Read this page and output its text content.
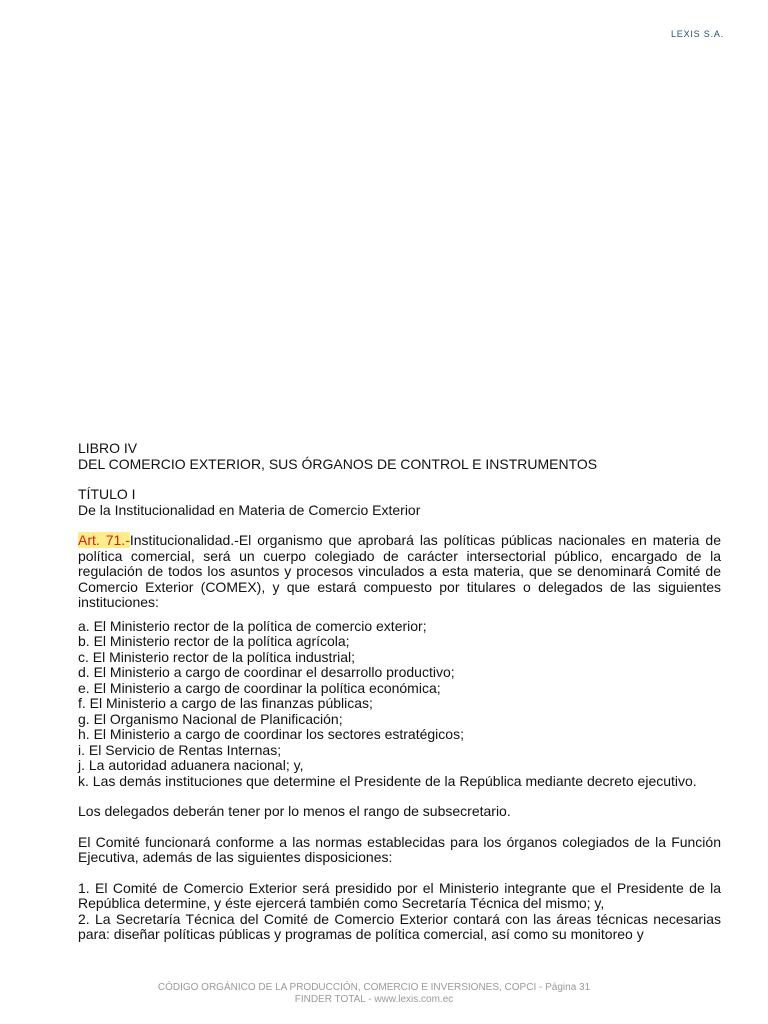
LEXIS S.A.
LIBRO IV
DEL COMERCIO EXTERIOR, SUS ÓRGANOS DE CONTROL E INSTRUMENTOS
TÍTULO I
De la Institucionalidad en Materia de Comercio Exterior
Art. 71.-Institucionalidad.-El organismo que aprobará las políticas públicas nacionales en materia de política comercial, será un cuerpo colegiado de carácter intersectorial público, encargado de la regulación de todos los asuntos y procesos vinculados a esta materia, que se denominará Comité de Comercio Exterior (COMEX), y que estará compuesto por titulares o delegados de las siguientes instituciones:
a. El Ministerio rector de la política de comercio exterior;
b. El Ministerio rector de la política agrícola;
c. El Ministerio rector de la política industrial;
d. El Ministerio a cargo de coordinar el desarrollo productivo;
e. El Ministerio a cargo de coordinar la política económica;
f. El Ministerio a cargo de las finanzas públicas;
g. El Organismo Nacional de Planificación;
h. El Ministerio a cargo de coordinar los sectores estratégicos;
i. El Servicio de Rentas Internas;
j. La autoridad aduanera nacional; y,
k. Las demás instituciones que determine el Presidente de la República mediante decreto ejecutivo.
Los delegados deberán tener por lo menos el rango de subsecretario.
El Comité funcionará conforme a las normas establecidas para los órganos colegiados de la Función Ejecutiva, además de las siguientes disposiciones:
1. El Comité de Comercio Exterior será presidido por el Ministerio integrante que el Presidente de la República determine, y éste ejercerá también como Secretaría Técnica del mismo; y,
2. La Secretaría Técnica del Comité de Comercio Exterior contará con las áreas técnicas necesarias para: diseñar políticas públicas y programas de política comercial, así como su monitoreo y
CÓDIGO ORGÁNICO DE LA PRODUCCIÓN, COMERCIO E INVERSIONES, COPCI - Página 31
FINDER TOTAL - www.lexis.com.ec
